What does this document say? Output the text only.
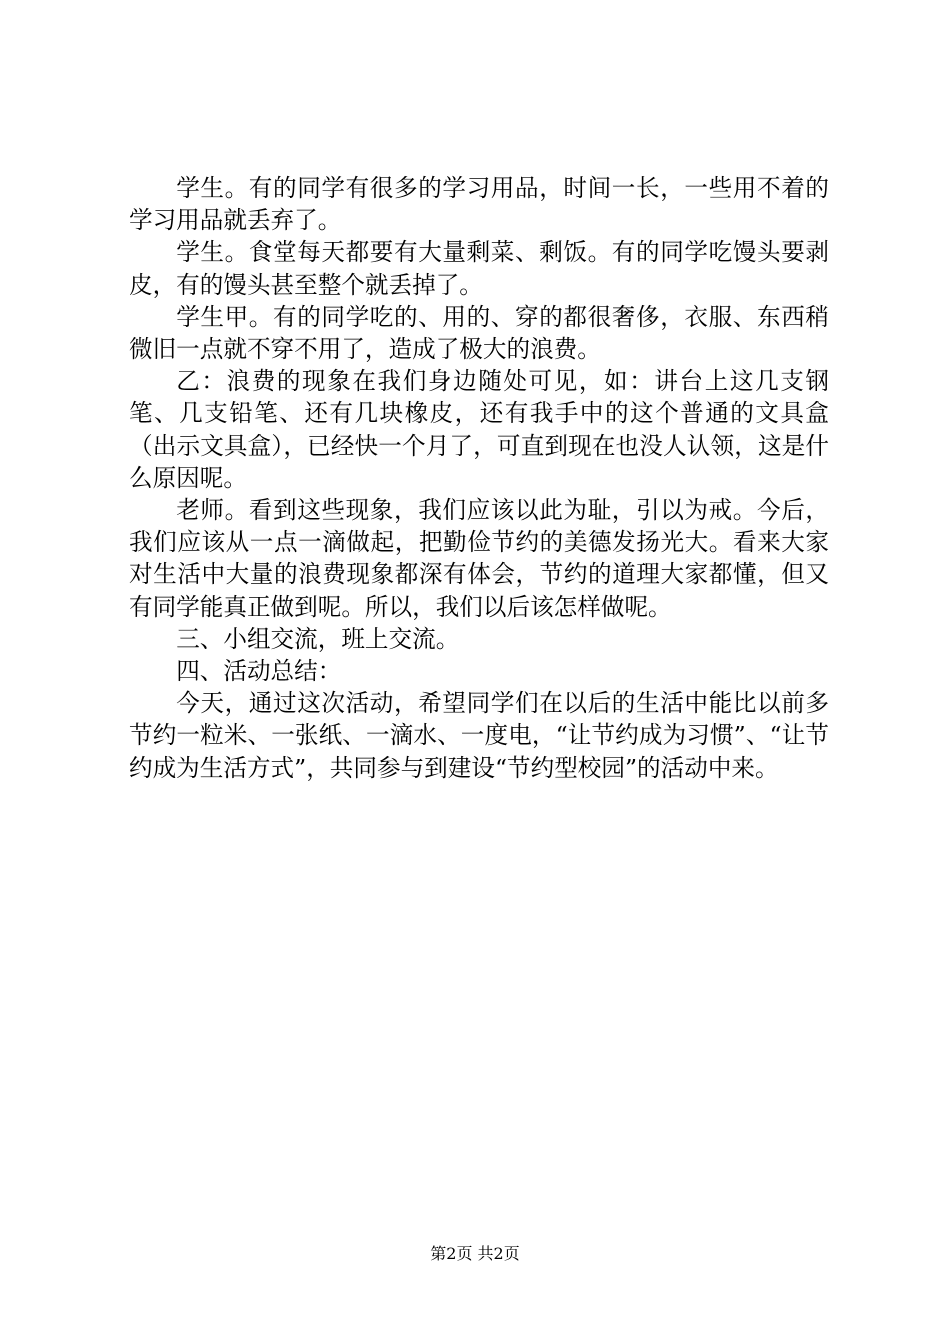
学生。有的同学有很多的学习用品，时间一长，一些用不着的学习用品就丢弃了。

学生。食堂每天都要有大量剩菜、剩饭。有的同学吃馒头要剥皮，有的馒头甚至整个就丢掉了。

学生甲。有的同学吃的、用的、穿的都很奢侈，衣服、东西稍微旧一点就不穿不用了，造成了极大的浪费。

乙：浪费的现象在我们身边随处可见，如：讲台上这几支钢笔、几支铅笔、还有几块橡皮，还有我手中的这个普通的文具盒（出示文具盒），已经快一个月了，可直到现在也没人认领，这是什么原因呢。

老师。看到这些现象，我们应该以此为耻，引以为戒。今后，我们应该从一点一滴做起，把勤俭节约的美德发扬光大。看来大家对生活中大量的浪费现象都深有体会，节约的道理大家都懂，但又有同学能真正做到呢。所以，我们以后该怎样做呢。

三、小组交流，班上交流。

四、活动总结：

今天，通过这次活动，希望同学们在以后的生活中能比以前多节约一粒米、一张纸、一滴水、一度电，“让节约成为习惯”、“让节约成为生活方式”，共同参与到建设“节约型校园”的活动中来。

第2页 共2页
